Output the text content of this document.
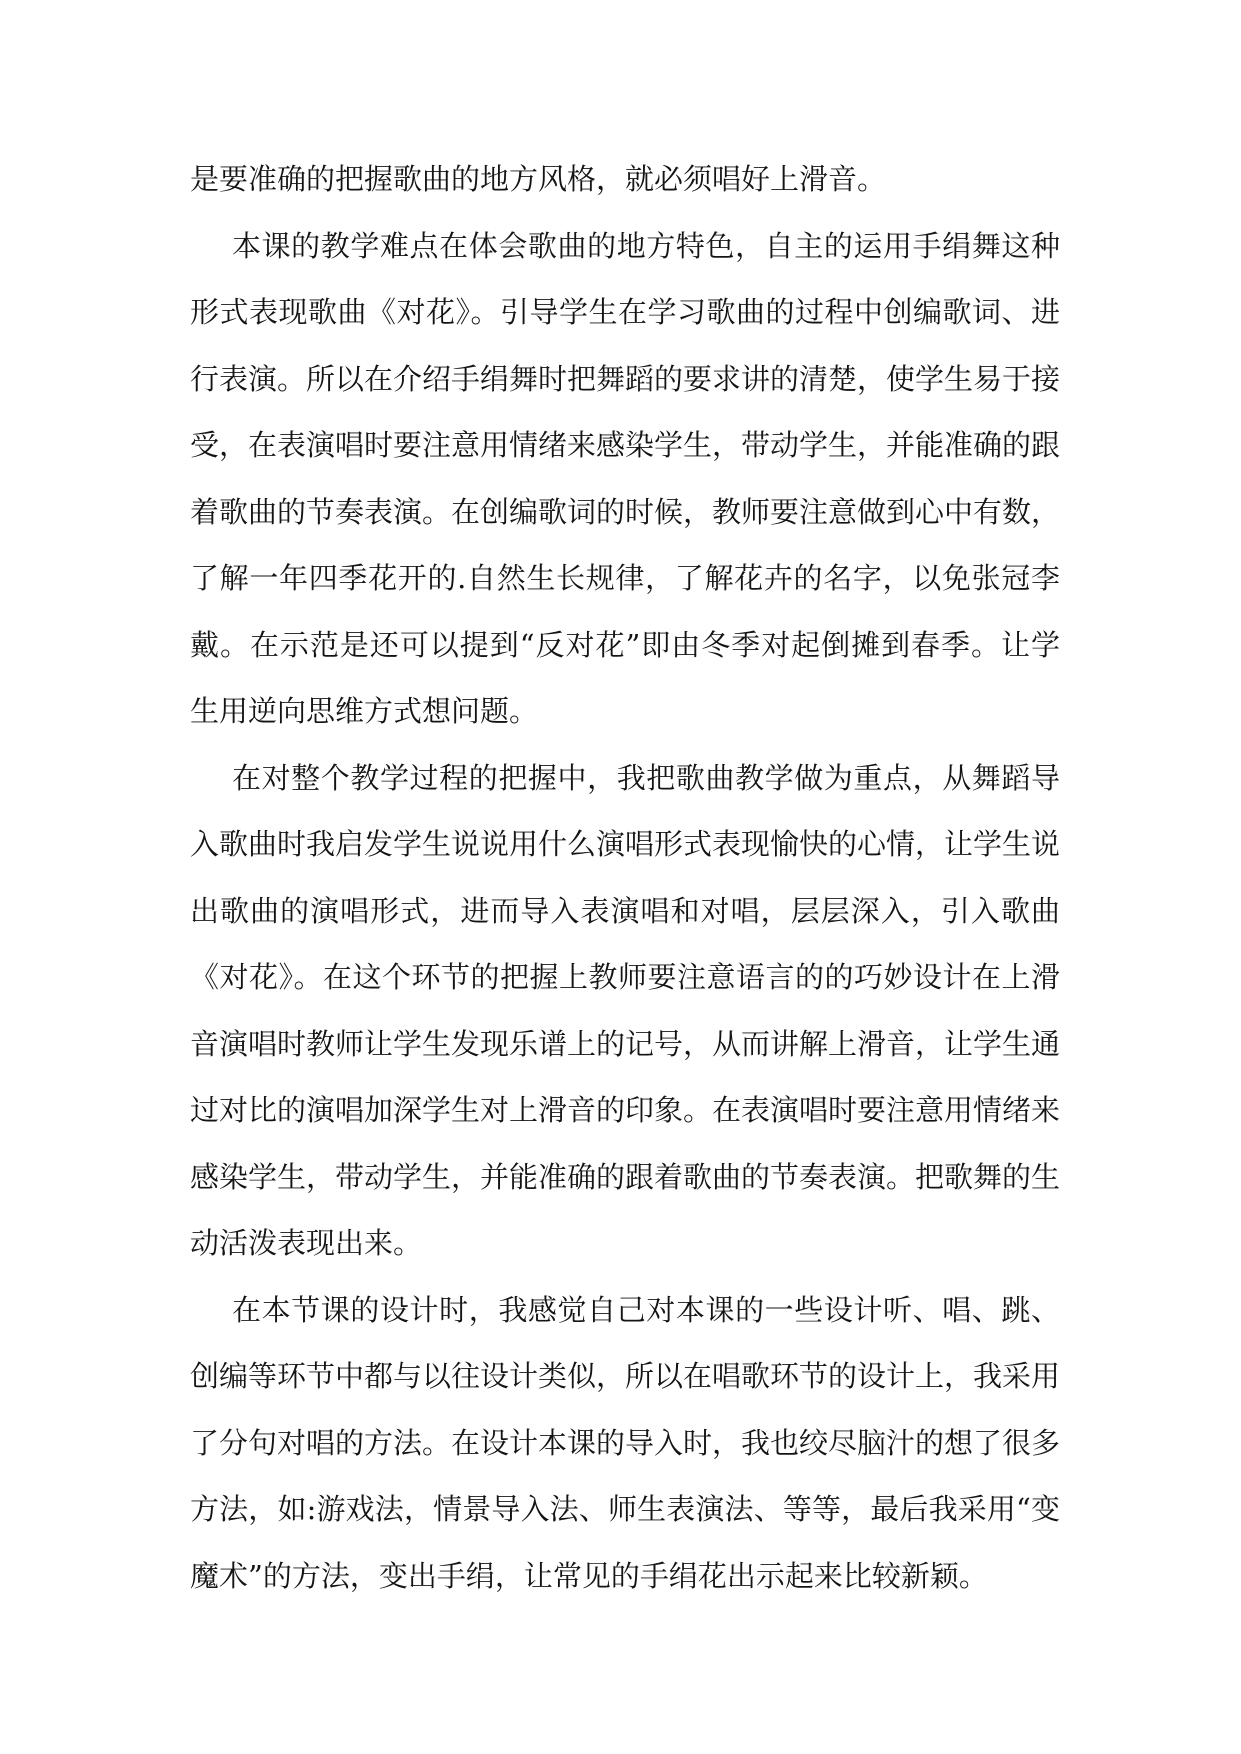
是要准确的把握歌曲的地方风格，就必须唱好上滑音。
本课的教学难点在体会歌曲的地方特色，自主的运用手绢舞这种
形式表现歌曲《对花》。引导学生在学习歌曲的过程中创编歌词、进
行表演。所以在介绍手绢舞时把舞蹈的要求讲的清楚，使学生易于接
受，在表演唱时要注意用情绪来感染学生，带动学生，并能准确的跟
着歌曲的节奏表演。在创编歌词的时候，教师要注意做到心中有数，
了解一年四季花开的.自然生长规律，了解花卉的名字，以免张冠李
戴。在示范是还可以提到“反对花”即由冬季对起倒摊到春季。让学
生用逆向思维方式想问题。
在对整个教学过程的把握中，我把歌曲教学做为重点，从舞蹈导
入歌曲时我启发学生说说用什么演唱形式表现愉快的心情，让学生说
出歌曲的演唱形式，进而导入表演唱和对唱，层层深入，引入歌曲
《对花》。在这个环节的把握上教师要注意语言的的巧妙设计在上滑
音演唱时教师让学生发现乐谱上的记号，从而讲解上滑音，让学生通
过对比的演唱加深学生对上滑音的印象。在表演唱时要注意用情绪来
感染学生，带动学生，并能准确的跟着歌曲的节奏表演。把歌舞的生
动活泼表现出来。
在本节课的设计时，我感觉自己对本课的一些设计听、唱、跳、
创编等环节中都与以往设计类似，所以在唱歌环节的设计上，我采用
了分句对唱的方法。在设计本课的导入时，我也绞尽脑汁的想了很多
方法，如:游戏法，情景导入法、师生表演法、等等，最后我采用“变
魔术”的方法，变出手绢，让常见的手绢花出示起来比较新颖。
